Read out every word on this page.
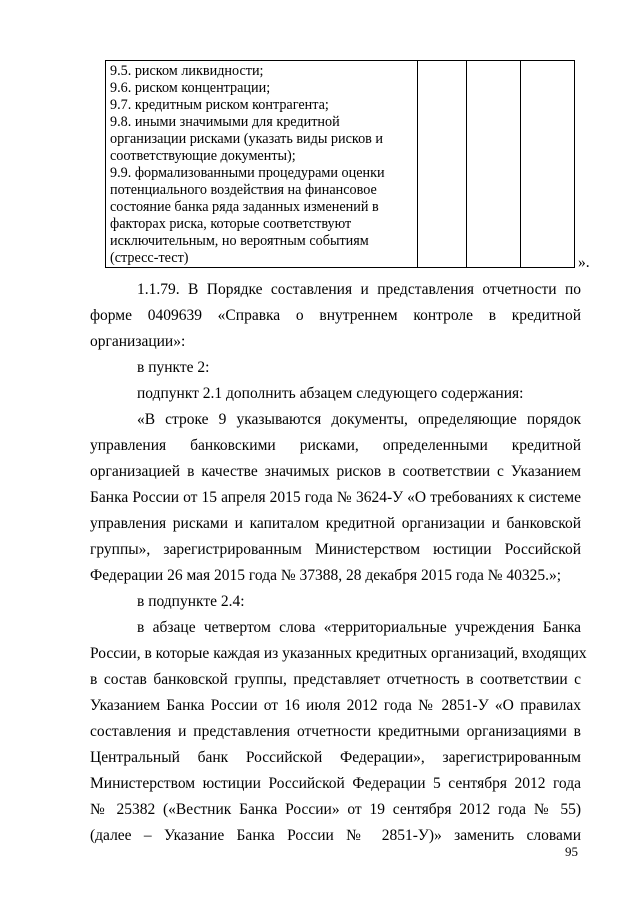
9.5. риском ликвидности;
9.6. риском концентрации;
9.7. кредитным риском контрагента;
9.8. иными значимыми для кредитной
организации рисками (указать виды рисков и
соответствующие документы);
9.9. формализованными процедурами оценки
потенциального воздействия на финансовое
состояние банка ряда заданных изменений в
факторах риска, которые соответствуют
исключительным, но вероятным событиям
(стресс-тест)
				».
1.1.79. В Порядке составления и представления отчетности по
форме 0409639 «Справка о внутреннем контроле в кредитной
организации»:
в пункте 2:
подпункт 2.1 дополнить абзацем следующего содержания:
«В строке 9 указываются документы, определяющие порядок
управления банковскими рисками, определенными кредитной
организацией в качестве значимых рисков в соответствии с Указанием
Банка России от 15 апреля 2015 года № 3624-У «О требованиях к системе
управления рисками и капиталом кредитной организации и банковской
группы», зарегистрированным Министерством юстиции Российской
Федерации 26 мая 2015 года № 37388, 28 декабря 2015 года № 40325.»;
в подпункте 2.4:
в абзаце четвертом слова «территориальные учреждения Банка
России, в которые каждая из указанных кредитных организаций, входящих
в состав банковской группы, представляет отчетность в соответствии с
Указанием Банка России от 16 июля 2012 года № 2851-У «О правилах
составления и представления отчетности кредитными организациями в
Центральный банк Российской Федерации», зарегистрированным
Министерством юстиции Российской Федерации 5 сентября 2012 года
№ 25382 («Вестник Банка России» от 19 сентября 2012 года № 55)
(далее – Указание Банка России № 2851-У)» заменить словами
95
